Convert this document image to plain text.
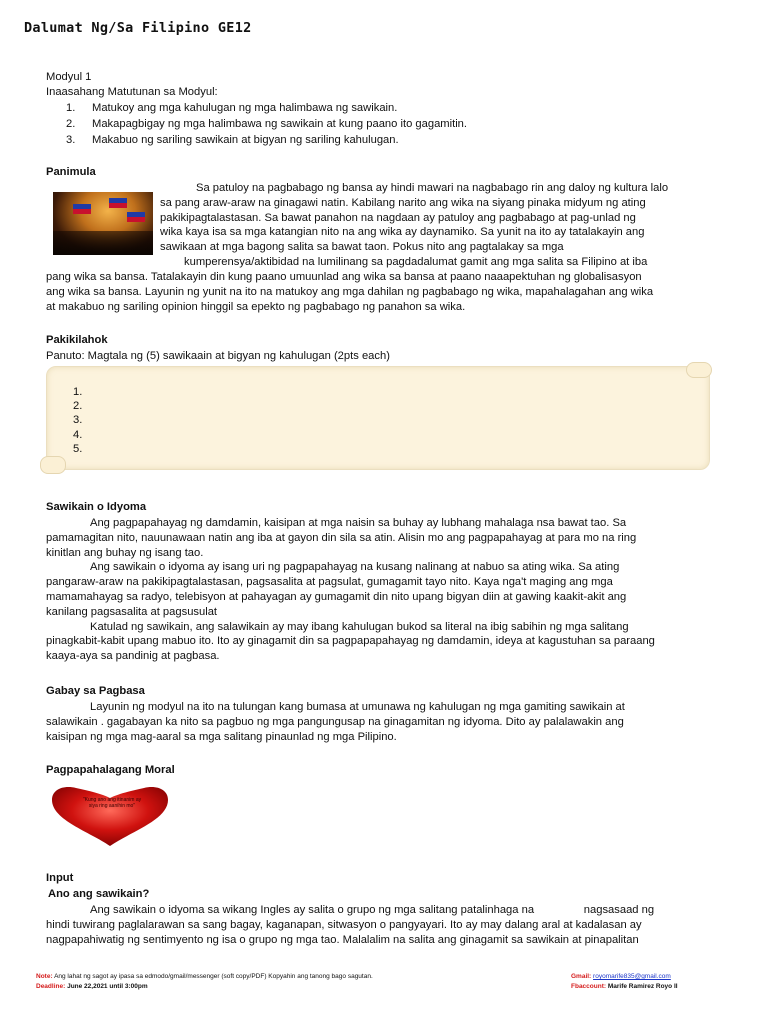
Dalumat Ng/Sa Filipino GE12
Modyul 1
Inaasahang Matutunan sa Modyul:
1.	Matukoy ang mga kahulugan ng mga halimbawa ng sawikain.
2.	Makapagbigay ng mga halimbawa ng sawikain at kung paano ito gagamitin.
3.	Makabuo ng sariling sawikain at bigyan ng sariling kahulugan.
Panimula
Sa patuloy na pagbabago ng bansa ay hindi mawari na nagbabago rin ang daloy ng kultura lalo
sa pang araw-araw na ginagawi natin. Kabilang narito ang wika na siyang pinaka midyum ng ating
pakikipagtalastasan. Sa bawat panahon na nagdaan ay patuloy ang pagbabago at pag-unlad ng
wika kaya isa sa mga katangian nito na ang wika ay daynamiko. Sa yunit na ito ay tatalakayin ang
sawikaan at mga bagong salita sa bawat taon. Pokus nito ang pagtalakay sa mga
kumperensya/aktibidad na lumilinang sa pagdadalumat gamit ang mga salita sa Filipino at iba
pang wika sa bansa. Tatalakayin din kung paano umuunlad ang wika sa bansa at paano naaapektuhan ng globalisasyon
ang wika sa bansa. Layunin ng yunit na ito na matukoy ang mga dahilan ng pagbabago ng wika, mapahalagahan ang wika
at makabuo ng sariling opinion hinggil sa epekto ng pagbabago ng panahon sa wika.
Pakikilahok
Panuto: Magtala ng (5) sawikaain at bigyan ng kahulugan (2pts each)
1.
2.
3.
4.
5.
Sawikain o Idyoma
Ang pagpapahayag ng damdamin, kaisipan at mga naisin sa buhay ay lubhang mahalaga nsa bawat tao. Sa
pamamagitan nito, nauunawaan natin ang iba at gayon din sila sa atin. Alisin mo ang pagpapahayag at para mo na ring
kinitlan ang buhay ng isang tao.
Ang sawikain o idyoma ay isang uri ng pagpapahayag na kusang nalinang at nabuo sa ating wika. Sa ating
pangaraw-araw na pakikipagtalastasan, pagsasalita at pagsulat, gumagamit tayo nito. Kaya nga't maging ang mga
mamamahayag sa radyo, telebisyon at pahayagan ay gumagamit din nito upang bigyan diin at gawing kaakit-akit ang
kanilang pagsasalita at pagsusulat
Katulad ng sawikain, ang salawikain ay may ibang kahulugan bukod sa literal na ibig sabihin ng mga salitang
pinagkabit-kabit upang mabuo ito. Ito ay ginagamit din sa pagpapapahayag ng damdamin, ideya at kagustuhan sa paraang
kaaya-aya sa pandinig at pagbasa.
Gabay sa Pagbasa
Layunin ng modyul na ito na tulungan kang bumasa at umunawa ng kahulugan ng mga gamiting sawikain at
salawikain . gagabayan ka nito sa pagbuo ng mga pangungusap na ginagamitan ng idyoma. Dito ay palalawakin ang
kaisipan ng mga mag-aaral sa mga salitang pinaunlad ng mga Pilipino.
Pagpapahalagang Moral
"Kung ano ang itinanim ay siya ring aanihin mo"
Input
Ano ang sawikain?
Ang sawikain o idyoma sa wikang Ingles ay salita o grupo ng mga salitang patalinhaga na                nagsasaad ng
hindi tuwirang paglalarawan sa sang bagay, kaganapan, sitwasyon o pangyayari. Ito ay may dalang aral at kadalasan ay
nagpapahiwatig ng sentimyento ng isa o grupo ng mga tao. Malalalim na salita ang ginagamit sa sawikain at pinapalitan
Note: Ang lahat ng sagot ay ipasa sa edmodo/gmail/messenger (soft copy/PDF) Kopyahin ang tanong bago sagutan.
Deadline: June 22,2021 until 3:00pm
Gmail: royomarife835@gmail.com
Fbaccount: Marife Ramirez Royo II
